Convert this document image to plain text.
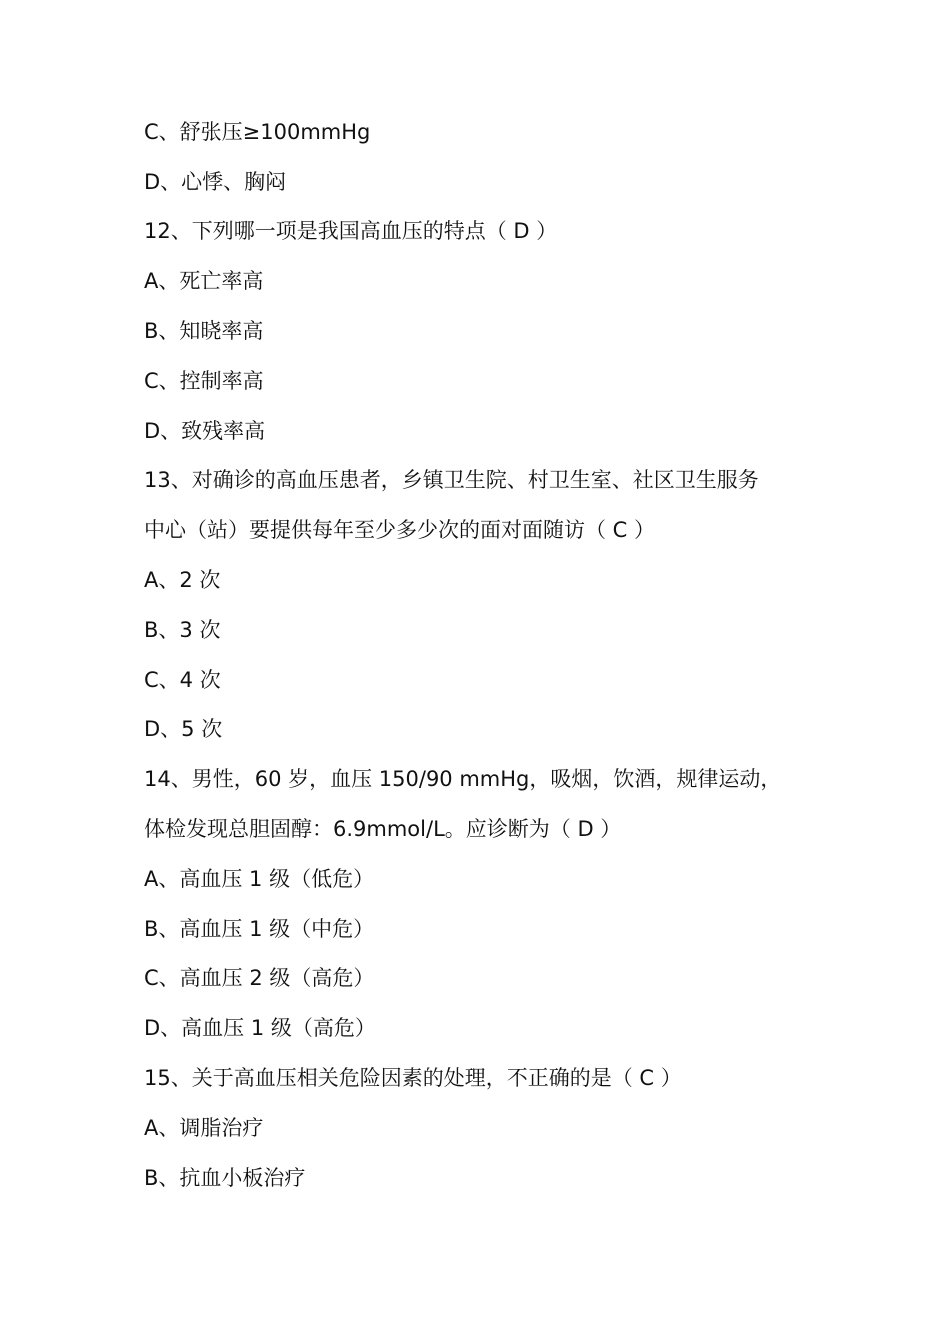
C、舒张压≥100mmHg
D、心悸、胸闷
12、下列哪一项是我国高血压的特点（ D ）
A、死亡率高
B、知晓率高
C、控制率高
D、致残率高
13、对确诊的高血压患者，乡镇卫生院、村卫生室、社区卫生服务
中心（站）要提供每年至少多少次的面对面随访（ C ）
A、2 次
B、3 次
C、4 次
D、5 次
14、男性，60 岁，血压 150/90 mmHg，吸烟，饮酒，规律运动，
体检发现总胆固醇：6.9mmol/L。应诊断为（ D ）
A、高血压 1 级（低危）
B、高血压 1 级（中危）
C、高血压 2 级（高危）
D、高血压 1 级（高危）
15、关于高血压相关危险因素的处理，不正确的是（ C ）
A、调脂治疗
B、抗血小板治疗
